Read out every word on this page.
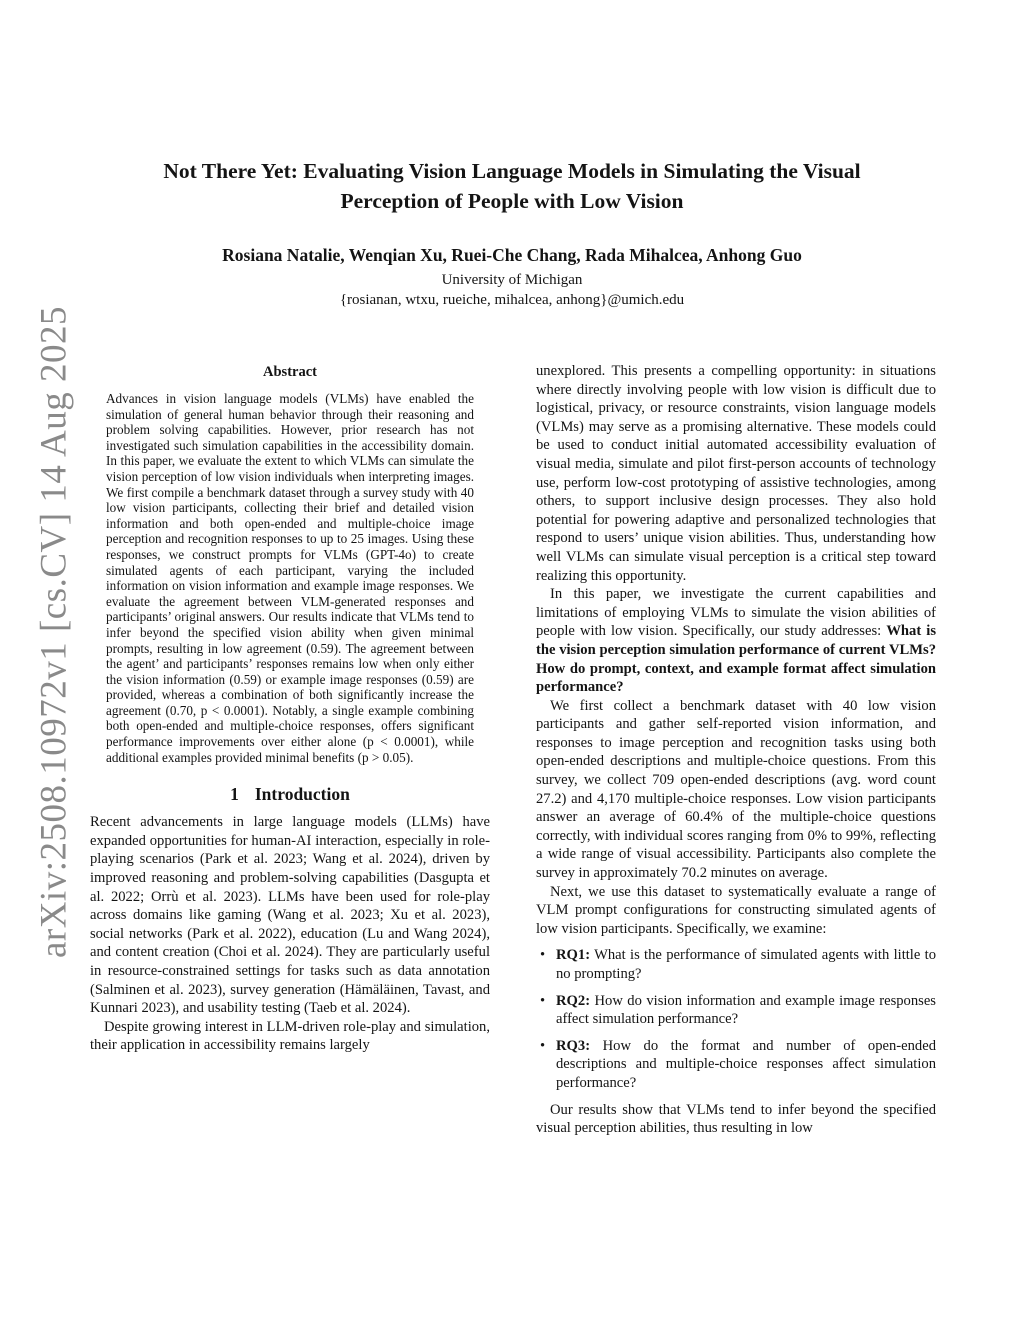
arXiv:2508.10972v1 [cs.CV] 14 Aug 2025
Not There Yet: Evaluating Vision Language Models in Simulating the Visual
Perception of People with Low Vision
Rosiana Natalie, Wenqian Xu, Ruei-Che Chang, Rada Mihalcea, Anhong Guo
University of Michigan
{rosianan, wtxu, rueiche, mihalcea, anhong}@umich.edu
Abstract

Advances in vision language models (VLMs) have enabled the simulation of general human behavior through their reasoning and problem solving capabilities. However, prior research has not investigated such simulation capabilities in the accessibility domain. In this paper, we evaluate the extent to which VLMs can simulate the vision perception of low vision individuals when interpreting images. We first compile a benchmark dataset through a survey study with 40 low vision participants, collecting their brief and detailed vision information and both open-ended and multiple-choice image perception and recognition responses to up to 25 images. Using these responses, we construct prompts for VLMs (GPT-4o) to create simulated agents of each participant, varying the included information on vision information and example image responses. We evaluate the agreement between VLM-generated responses and participants’ original answers. Our results indicate that VLMs tend to infer beyond the specified vision ability when given minimal prompts, resulting in low agreement (0.59). The agreement between the agent’ and participants’ responses remains low when only either the vision information (0.59) or example image responses (0.59) are provided, whereas a combination of both significantly increase the agreement (0.70, p < 0.0001). Notably, a single example combining both open-ended and multiple-choice responses, offers significant performance improvements over either alone (p < 0.0001), while additional examples provided minimal benefits (p > 0.05).

1 Introduction

Recent advancements in large language models (LLMs) have expanded opportunities for human-AI interaction, especially in role-playing scenarios (Park et al. 2023; Wang et al. 2024), driven by improved reasoning and problem-solving capabilities (Dasgupta et al. 2022; Orrù et al. 2023). LLMs have been used for role-play across domains like gaming (Wang et al. 2023; Xu et al. 2023), social networks (Park et al. 2022), education (Lu and Wang 2024), and content creation (Choi et al. 2024). They are particularly useful in resource-constrained settings for tasks such as data annotation (Salminen et al. 2023), survey generation (Hämäläinen, Tavast, and Kunnari 2023), and usability testing (Taeb et al. 2024).

Despite growing interest in LLM-driven role-play and simulation, their application in accessibility remains largely

unexplored. This presents a compelling opportunity: in situations where directly involving people with low vision is difficult due to logistical, privacy, or resource constraints, vision language models (VLMs) may serve as a promising alternative. These models could be used to conduct initial automated accessibility evaluation of visual media, simulate and pilot first-person accounts of technology use, perform low-cost prototyping of assistive technologies, among others, to support inclusive design processes. They also hold potential for powering adaptive and personalized technologies that respond to users’ unique vision abilities. Thus, understanding how well VLMs can simulate visual perception is a critical step toward realizing this opportunity.

In this paper, we investigate the current capabilities and limitations of employing VLMs to simulate the vision abilities of people with low vision. Specifically, our study addresses: What is the vision perception simulation performance of current VLMs? How do prompt, context, and example format affect simulation performance?

We first collect a benchmark dataset with 40 low vision participants and gather self-reported vision information, and responses to image perception and recognition tasks using both open-ended descriptions and multiple-choice questions. From this survey, we collect 709 open-ended descriptions (avg. word count 27.2) and 4,170 multiple-choice responses. Low vision participants answer an average of 60.4% of the multiple-choice questions correctly, with individual scores ranging from 0% to 99%, reflecting a wide range of visual accessibility. Participants also complete the survey in approximately 70.2 minutes on average.

Next, we use this dataset to systematically evaluate a range of VLM prompt configurations for constructing simulated agents of low vision participants. Specifically, we examine:

• RQ1: What is the performance of simulated agents with little to no prompting?
• RQ2: How do vision information and example image responses affect simulation performance?
• RQ3: How do the format and number of open-ended descriptions and multiple-choice responses affect simulation performance?

Our results show that VLMs tend to infer beyond the specified visual perception abilities, thus resulting in low
